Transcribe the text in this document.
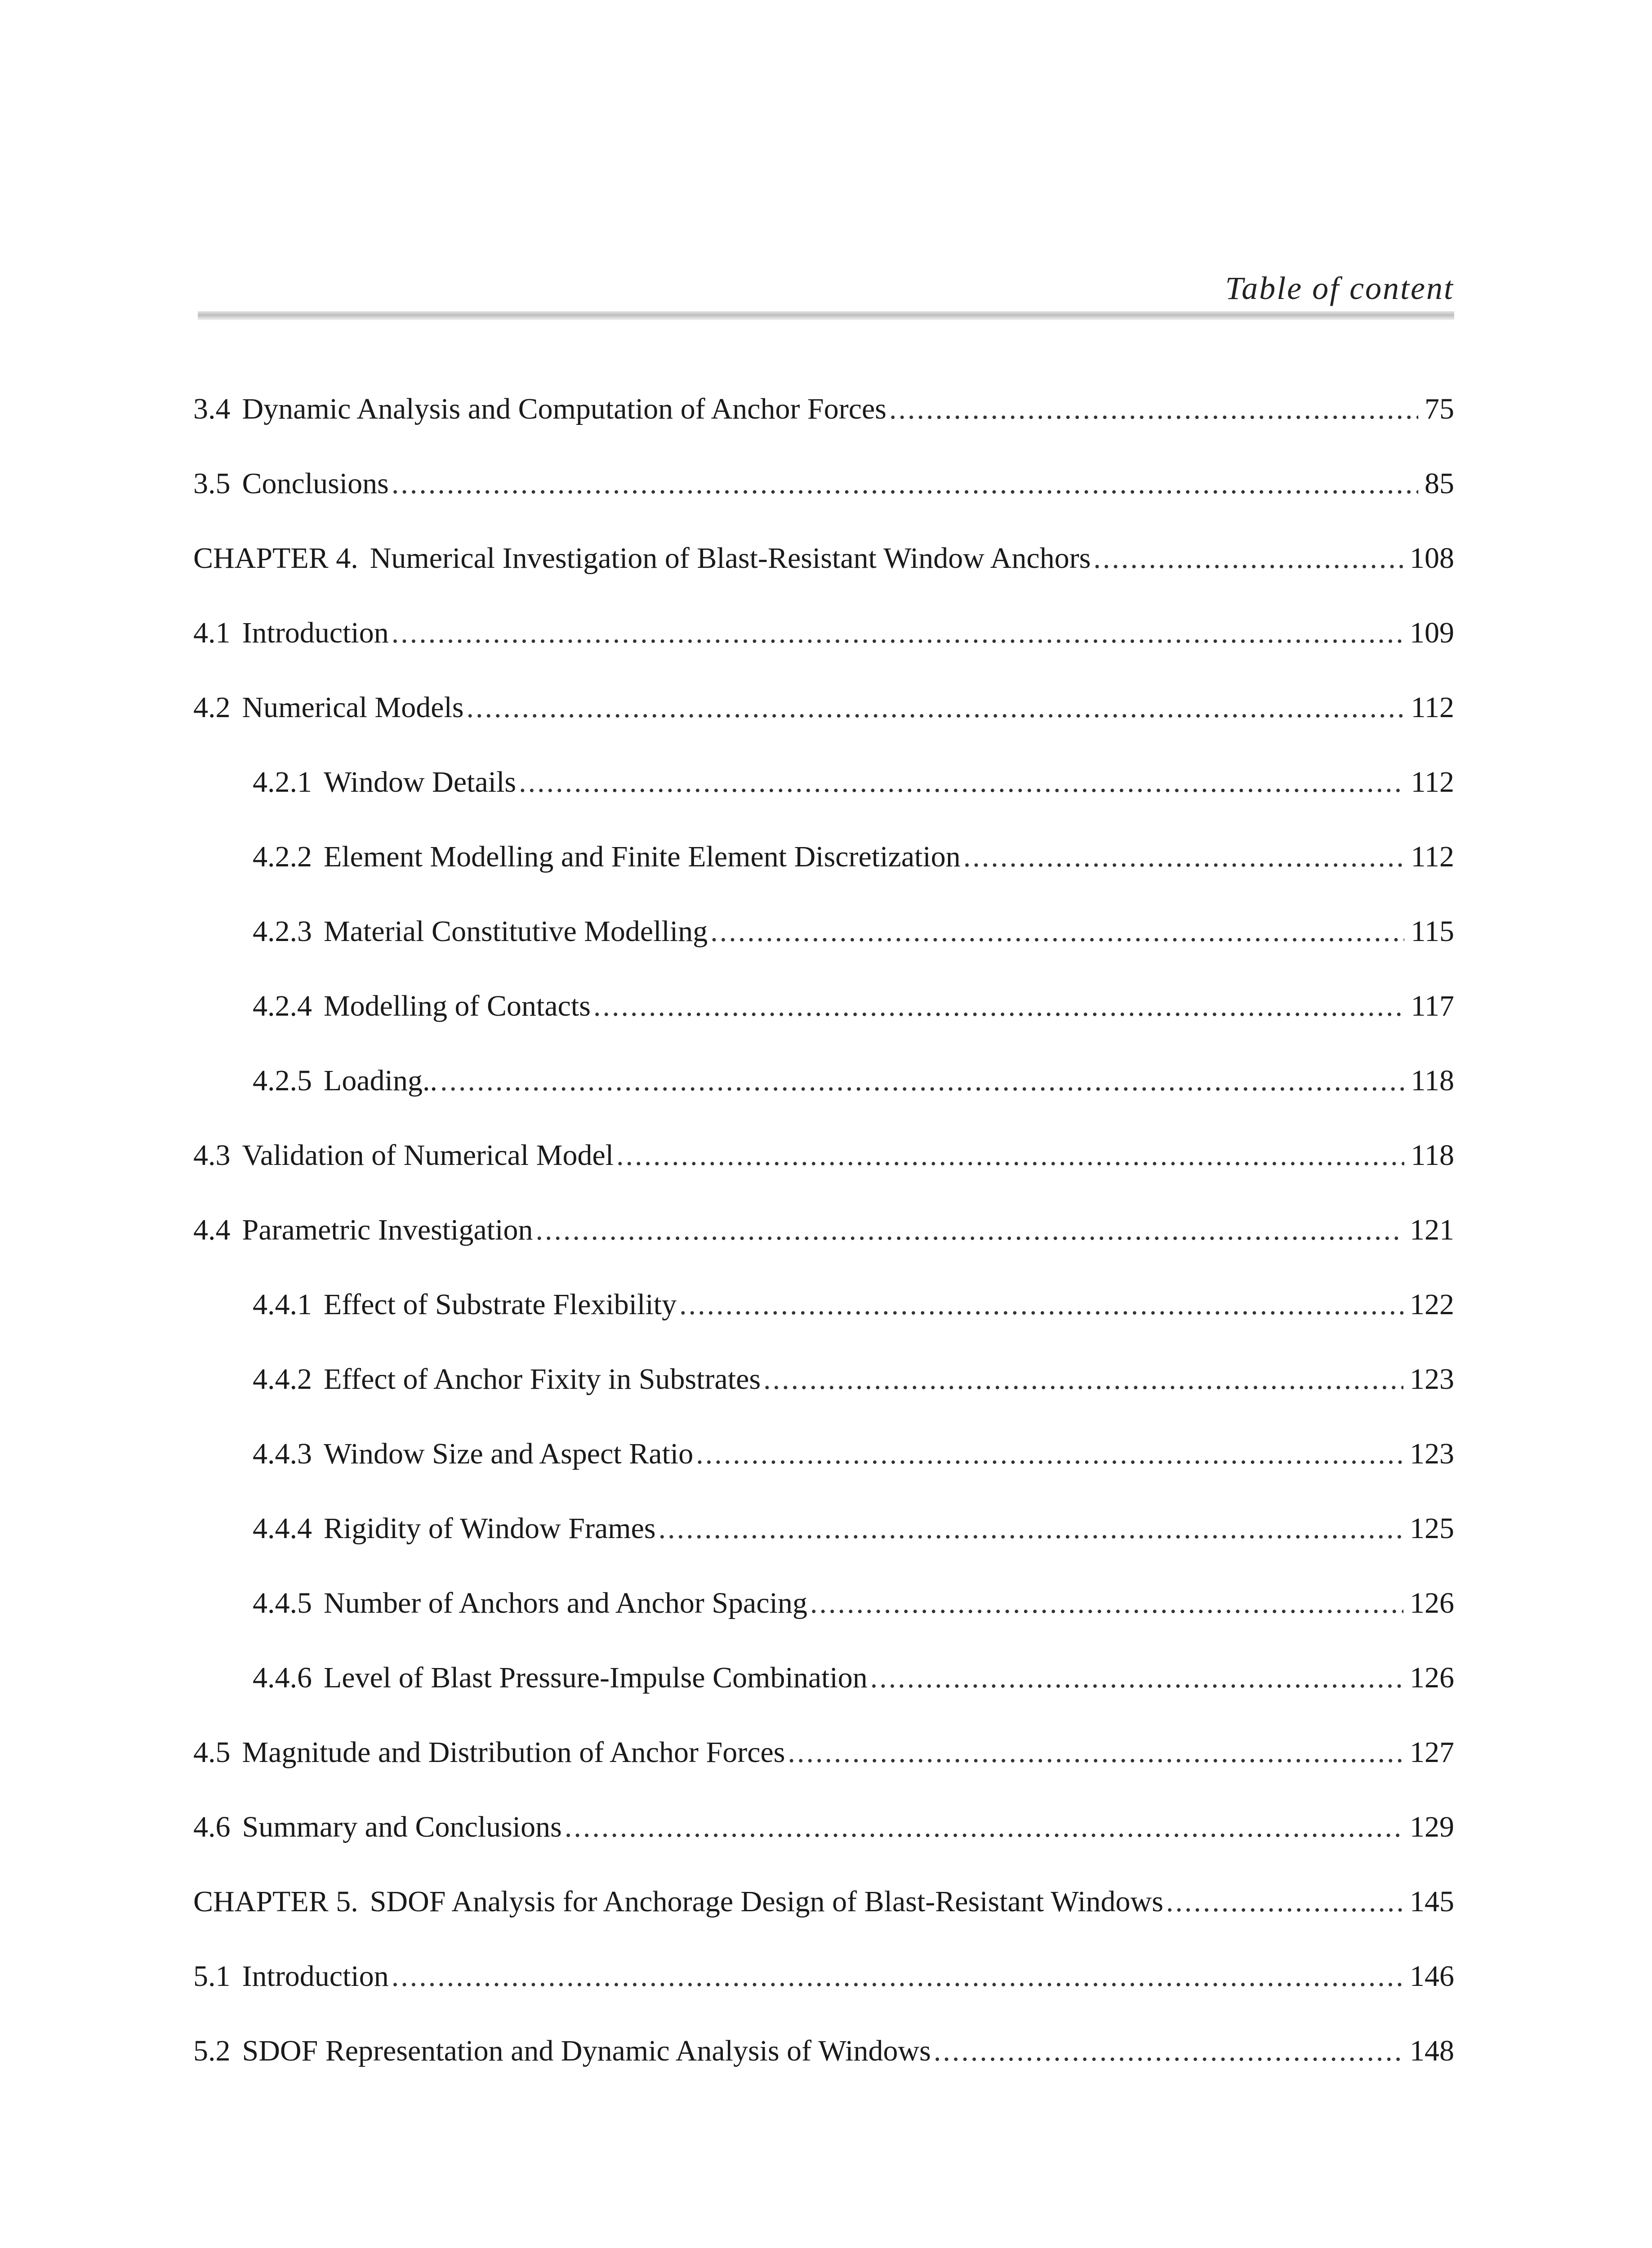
Table of content
3.4 Dynamic Analysis and Computation of Anchor Forces .....	75
3.5 Conclusions .....	85
CHAPTER 4. Numerical Investigation of Blast-Resistant Window Anchors .....	108
4.1 Introduction .....	109
4.2 Numerical Models .....	112
4.2.1 Window Details .....	112
4.2.2 Element Modelling and Finite Element Discretization .....	112
4.2.3 Material Constitutive Modelling .....	115
4.2.4 Modelling of Contacts .....	117
4.2.5 Loading.. .....	118
4.3 Validation of Numerical Model .....	118
4.4 Parametric Investigation .....	121
4.4.1 Effect of Substrate Flexibility .....	122
4.4.2 Effect of Anchor Fixity in Substrates .....	123
4.4.3 Window Size and Aspect Ratio .....	123
4.4.4 Rigidity of Window Frames .....	125
4.4.5 Number of Anchors and Anchor Spacing .....	126
4.4.6 Level of Blast Pressure-Impulse Combination .....	126
4.5 Magnitude and Distribution of Anchor Forces .....	127
4.6 Summary and Conclusions .....	129
CHAPTER 5. SDOF Analysis for Anchorage Design of Blast-Resistant Windows .....	145
5.1 Introduction .....	146
5.2 SDOF Representation and Dynamic Analysis of Windows .....	148
